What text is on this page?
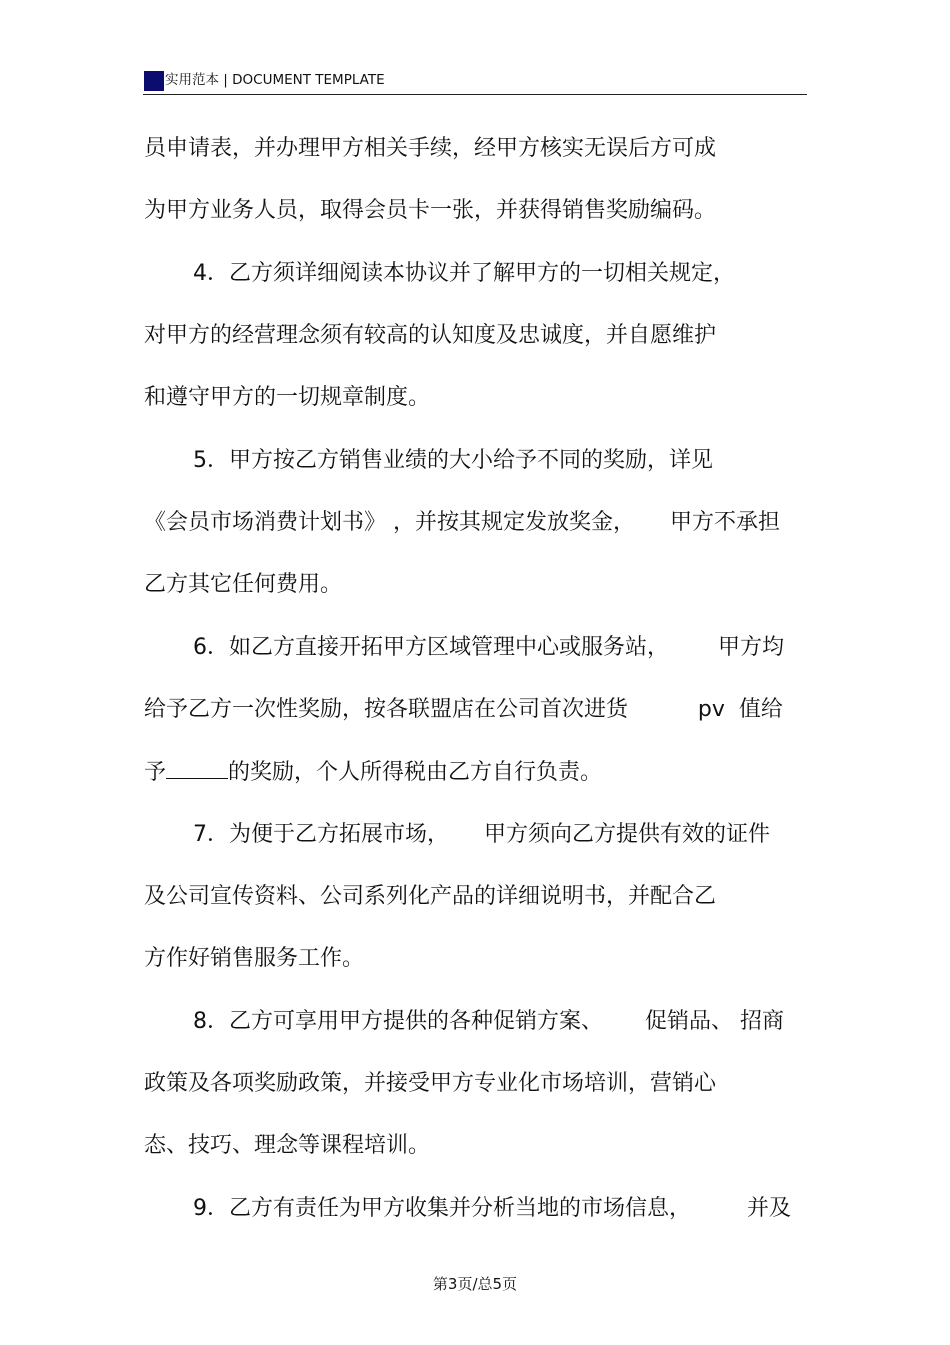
实用范本 | DOCUMENT TEMPLATE
员申请表，并办理甲方相关手续，经甲方核实无误后方可成
为甲方业务人员，取得会员卡一张，并获得销售奖励编码。
4．乙方须详细阅读本协议并了解甲方的一切相关规定，
对甲方的经营理念须有较高的认知度及忠诚度，并自愿维护
和遵守甲方的一切规章制度。
5．甲方按乙方销售业绩的大小给予不同的奖励，详见
《会员市场消费计划书》 ，并按其规定发放奖金，     甲方不承担
乙方其它任何费用。
6．如乙方直接开拓甲方区域管理中心或服务站，       甲方均
给予乙方一次性奖励，按各联盟店在公司首次进货          pv  值给
予	的奖励，个人所得税由乙方自行负责。
7．为便于乙方拓展市场，     甲方须向乙方提供有效的证件
及公司宣传资料、公司系列化产品的详细说明书，并配合乙
方作好销售服务工作。
8．乙方可享用甲方提供的各种促销方案、      促销品、 招商
政策及各项奖励政策，并接受甲方专业化市场培训，营销心
态、技巧、理念等课程培训。
9．乙方有责任为甲方收集并分析当地的市场信息，        并及
第3页/总5页
